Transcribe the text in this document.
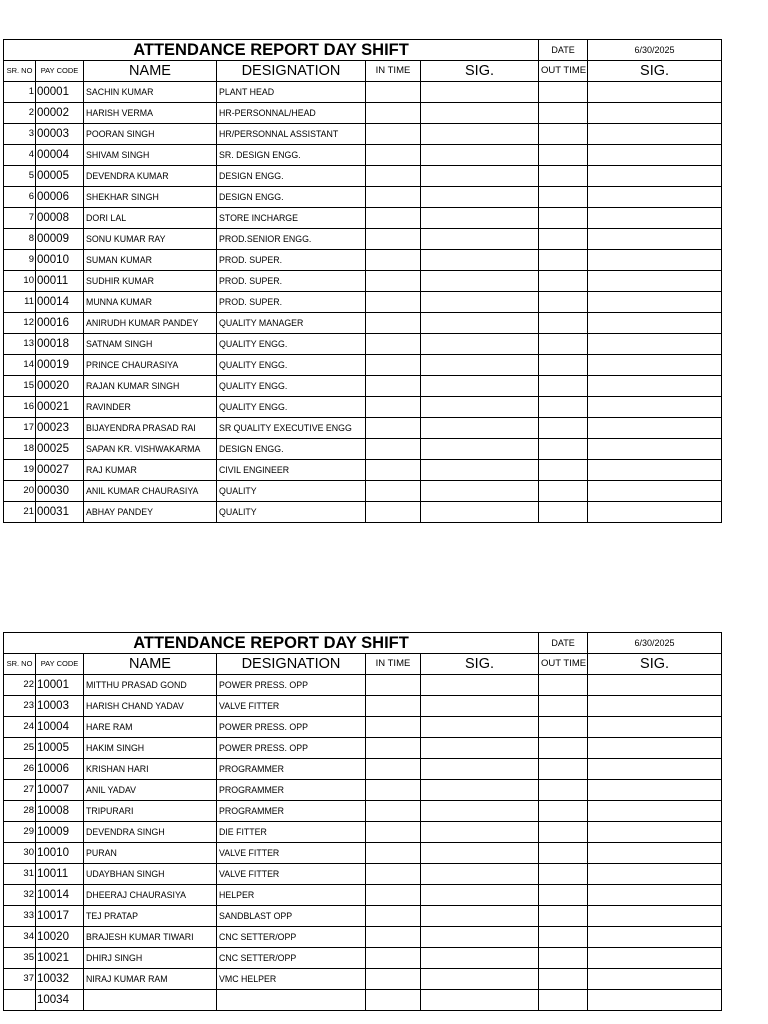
ATTENDANCE REPORT DAY SHIFT						DATE	6/30/2025
SR. NO	PAY CODE	NAME	DESIGNATION	IN TIME	SIG.	OUT TIME	SIG.
1	00001	SACHIN KUMAR	PLANT HEAD				
2	00002	HARISH VERMA	HR-PERSONNAL/HEAD				
3	00003	POORAN SINGH	HR/PERSONNAL ASSISTANT				
4	00004	SHIVAM SINGH	SR. DESIGN ENGG.				
5	00005	DEVENDRA KUMAR	DESIGN ENGG.				
6	00006	SHEKHAR SINGH	DESIGN ENGG.				
7	00008	DORI LAL	STORE INCHARGE				
8	00009	SONU KUMAR RAY	PROD.SENIOR ENGG.				
9	00010	SUMAN KUMAR	PROD. SUPER.				
10	00011	SUDHIR KUMAR	PROD. SUPER.				
11	00014	MUNNA KUMAR	PROD. SUPER.				
12	00016	ANIRUDH KUMAR PANDEY	QUALITY MANAGER				
13	00018	SATNAM SINGH	QUALITY ENGG.				
14	00019	PRINCE CHAURASIYA	QUALITY ENGG.				
15	00020	RAJAN KUMAR SINGH	QUALITY ENGG.				
16	00021	RAVINDER	QUALITY ENGG.				
17	00023	BIJAYENDRA PRASAD RAI	SR QUALITY EXECUTIVE ENGG				
18	00025	SAPAN KR. VISHWAKARMA	DESIGN ENGG.				
19	00027	RAJ KUMAR	CIVIL ENGINEER				
20	00030	ANIL KUMAR CHAURASIYA	QUALITY				
21	00031	ABHAY PANDEY	QUALITY				
ATTENDANCE REPORT DAY SHIFT						DATE	6/30/2025
SR. NO	PAY CODE	NAME	DESIGNATION	IN TIME	SIG.	OUT TIME	SIG.
22	10001	MITTHU PRASAD GOND	POWER PRESS. OPP				
23	10003	HARISH CHAND YADAV	VALVE FITTER				
24	10004	HARE RAM	POWER PRESS. OPP				
25	10005	HAKIM SINGH	POWER PRESS. OPP				
26	10006	KRISHAN HARI	PROGRAMMER				
27	10007	ANIL YADAV	PROGRAMMER				
28	10008	TRIPURARI	PROGRAMMER				
29	10009	DEVENDRA SINGH	DIE FITTER				
30	10010	PURAN	VALVE FITTER				
31	10011	UDAYBHAN SINGH	VALVE FITTER				
32	10014	DHEERAJ CHAURASIYA	HELPER				
33	10017	TEJ PRATAP	SANDBLAST OPP				
34	10020	BRAJESH KUMAR TIWARI	CNC SETTER/OPP				
35	10021	DHIRJ SINGH	CNC SETTER/OPP				
37	10032	NIRAJ KUMAR RAM	VMC HELPER				
	10034						
